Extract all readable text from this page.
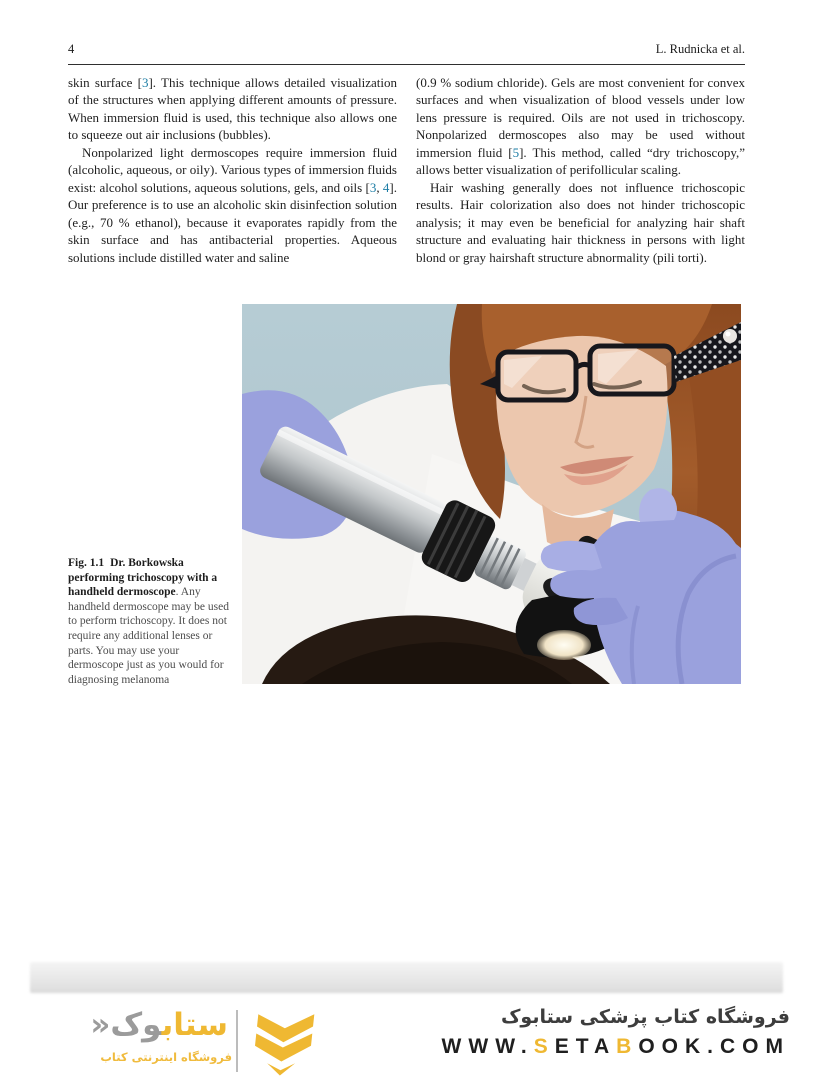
4	L. Rudnicka et al.

skin surface [3]. This technique allows detailed visualization of the structures when applying different amounts of pressure. When immersion fluid is used, this technique also allows one to squeeze out air inclusions (bubbles).

Nonpolarized light dermoscopes require immersion fluid (alcoholic, aqueous, or oily). Various types of immersion fluids exist: alcohol solutions, aqueous solutions, gels, and oils [3, 4]. Our preference is to use an alcoholic skin disinfection solution (e.g., 70 % ethanol), because it evaporates rapidly from the skin surface and has antibacterial properties. Aqueous solutions include distilled water and saline

(0.9 % sodium chloride). Gels are most convenient for convex surfaces and when visualization of blood vessels under low lens pressure is required. Oils are not used in trichoscopy. Nonpolarized dermoscopes also may be used without immersion fluid [5]. This method, called “dry trichoscopy,” allows better visualization of perifollicular scaling.

Hair washing generally does not influence trichoscopic results. Hair colorization also does not hinder trichoscopic analysis; it may even be beneficial for analyzing hair shaft structure and evaluating hair thickness in persons with light blond or gray hairshaft structure abnormality (pili torti).

Fig. 1.1 Dr. Borkowska performing trichoscopy with a handheld dermoscope. Any handheld dermoscope may be used to perform trichoscopy. It does not require any additional lenses or parts. You may use your dermoscope just as you would for diagnosing melanoma
ستابوک«
فروشگاه اینترنتی کتاب
فروشگاه کتاب پزشکی ستابوک
WWW.SETABOOK.COM
